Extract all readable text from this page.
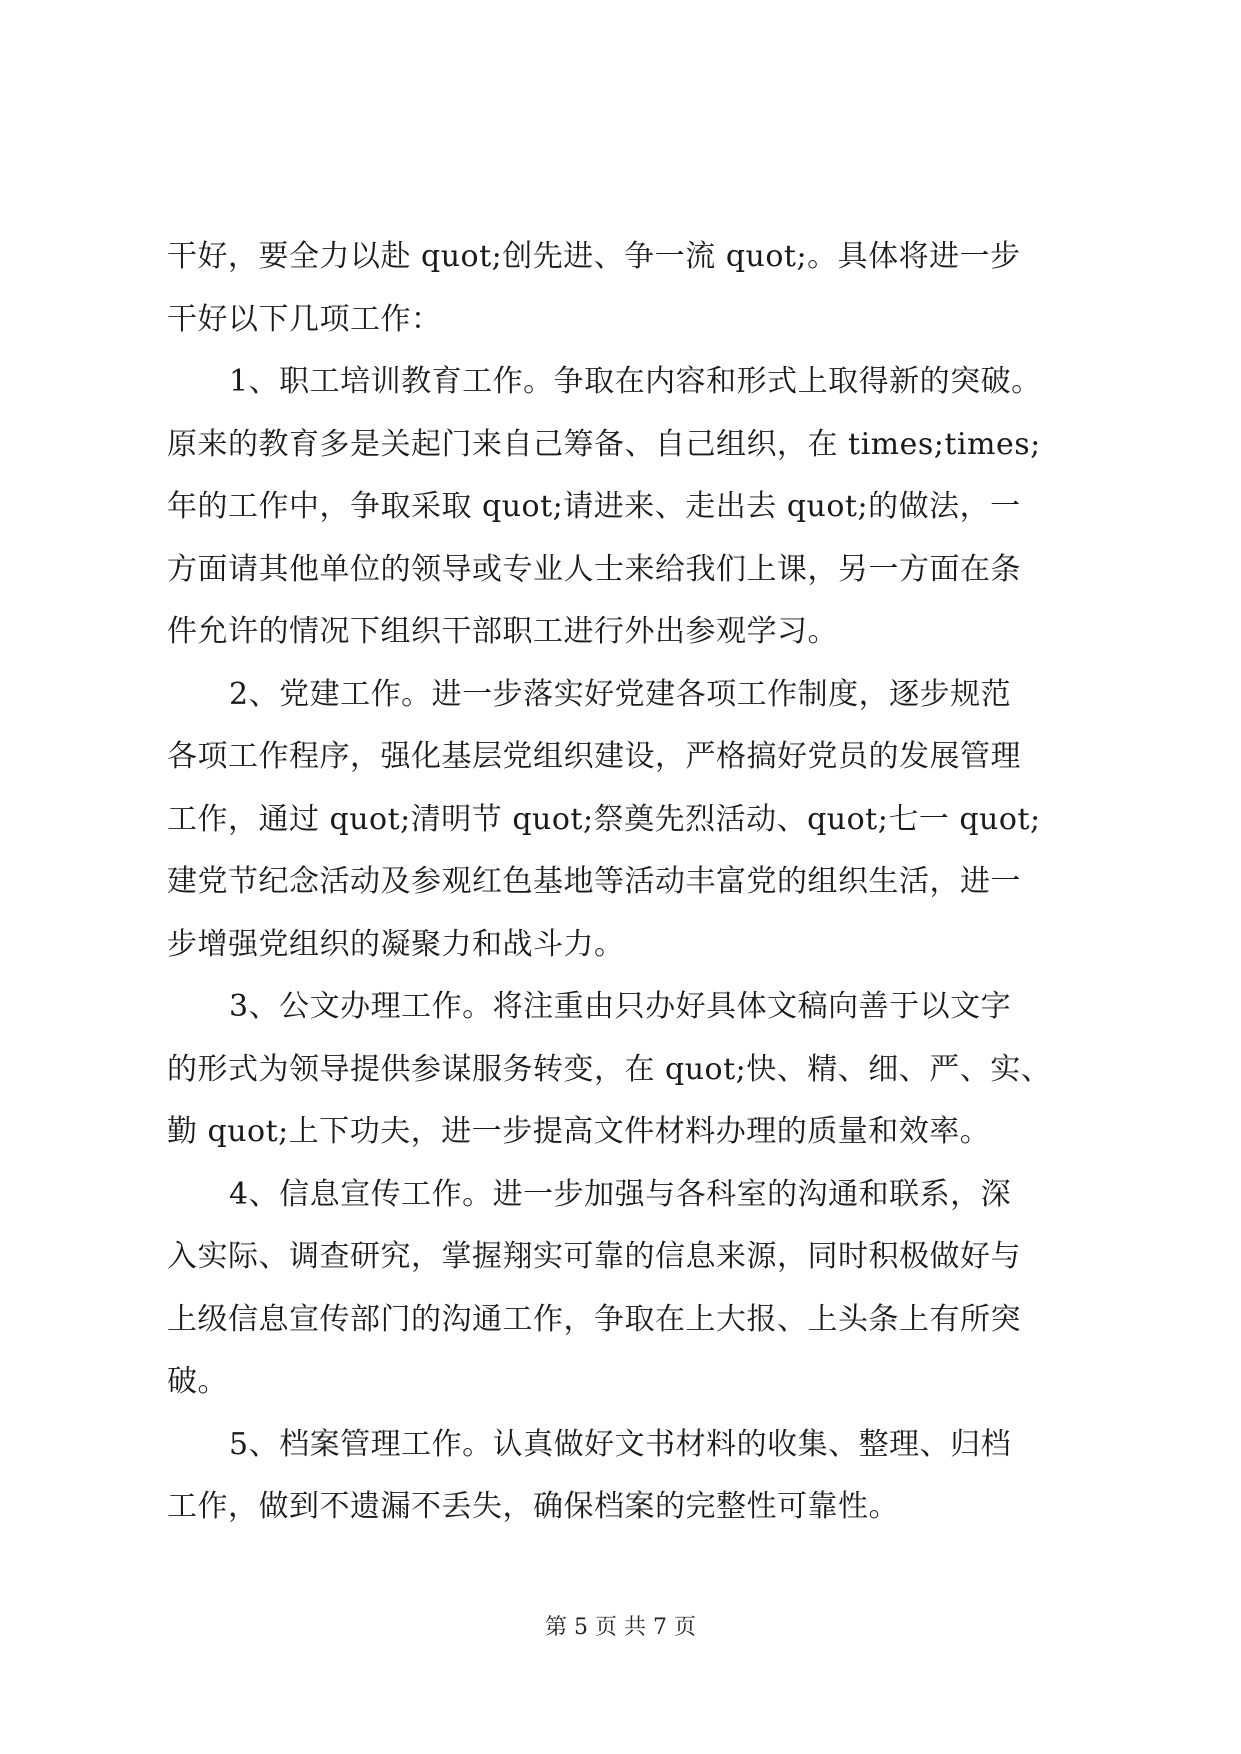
干好，要全力以赴 quot;创先进、争一流 quot;。具体将进一步
干好以下几项工作：
1、职工培训教育工作。争取在内容和形式上取得新的突破。
原来的教育多是关起门来自己筹备、自己组织，在 times;times;
年的工作中，争取采取 quot;请进来、走出去 quot;的做法，一
方面请其他单位的领导或专业人士来给我们上课，另一方面在条
件允许的情况下组织干部职工进行外出参观学习。
2、党建工作。进一步落实好党建各项工作制度，逐步规范
各项工作程序，强化基层党组织建设，严格搞好党员的发展管理
工作，通过 quot;清明节 quot;祭奠先烈活动、quot;七一 quot;
建党节纪念活动及参观红色基地等活动丰富党的组织生活，进一
步增强党组织的凝聚力和战斗力。
3、公文办理工作。将注重由只办好具体文稿向善于以文字
的形式为领导提供参谋服务转变，在 quot;快、精、细、严、实、
勤 quot;上下功夫，进一步提高文件材料办理的质量和效率。
4、信息宣传工作。进一步加强与各科室的沟通和联系，深
入实际、调查研究，掌握翔实可靠的信息来源，同时积极做好与
上级信息宣传部门的沟通工作，争取在上大报、上头条上有所突
破。
5、档案管理工作。认真做好文书材料的收集、整理、归档
工作，做到不遗漏不丢失，确保档案的完整性可靠性。
第 5 页 共 7 页
